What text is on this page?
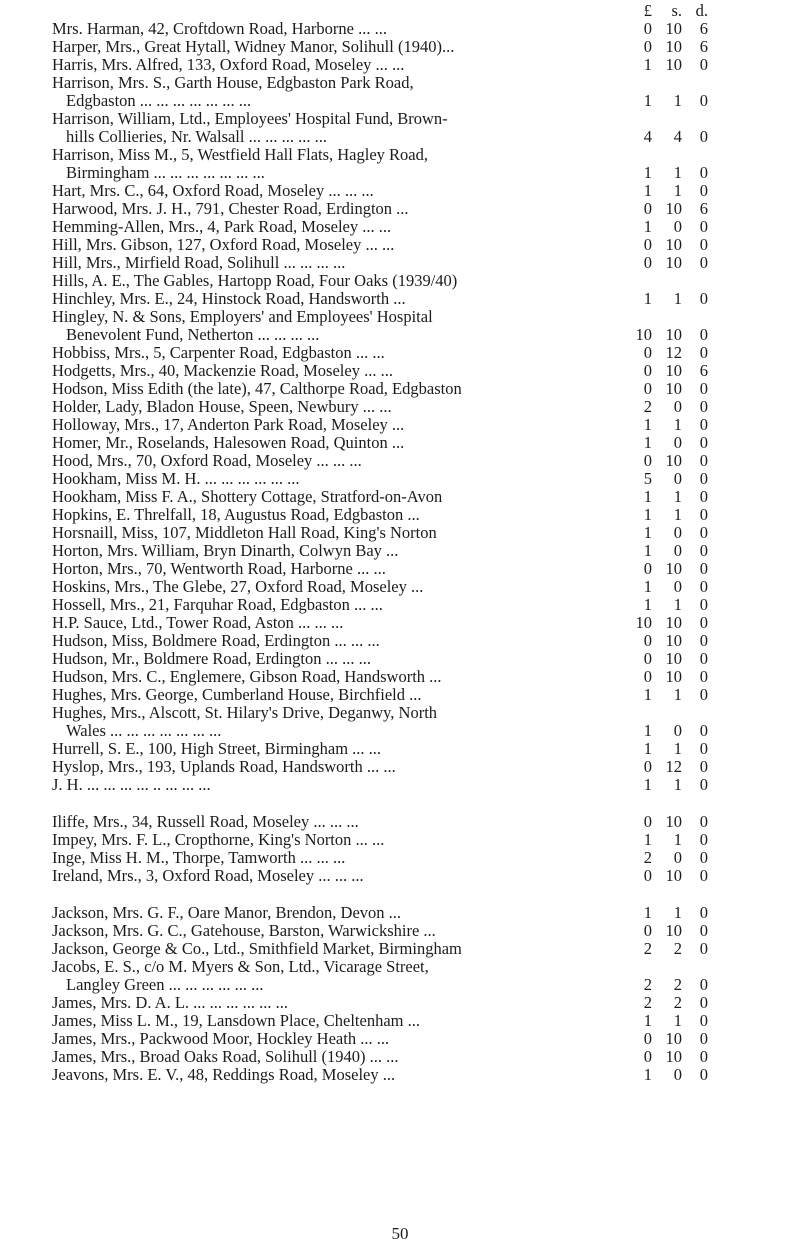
£	s. d.
Mrs. Harman, 42, Croftdown Road, Harborne ... ...	0 10	6
Harper, Mrs., Great Hytall, Widney Manor, Solihull (1940)...	0 10	6
Harris, Mrs. Alfred, 133, Oxford Road, Moseley ... ...	1 10	0
Harrison, Mrs. S., Garth House, Edgbaston Park Road,
Edgbaston ... ... ... ... ... ... ...	1	1	0
Harrison, William, Ltd., Employees' Hospital Fund, Brown-
hills Collieries, Nr. Walsall ... ... ... ... ...	4	4	0
Harrison, Miss M., 5, Westfield Hall Flats, Hagley Road,
Birmingham ... ... ... ... ... ... ...	1	1	0
Hart, Mrs. C., 64, Oxford Road, Moseley ... ... ...	1	1	0
Harwood, Mrs. J. H., 791, Chester Road, Erdington ...	0 10	6
Hemming-Allen, Mrs., 4, Park Road, Moseley ... ...	1	0	0
Hill, Mrs. Gibson, 127, Oxford Road, Moseley ... ...	0 10	0
Hill, Mrs., Mirfield Road, Solihull ... ... ... ...	0 10	0
Hills, A. E., The Gables, Hartopp Road, Four Oaks (1939/40)
Hinchley, Mrs. E., 24, Hinstock Road, Handsworth ...	1	1	0
Hingley, N. & Sons, Employers' and Employees' Hospital
Benevolent Fund, Netherton ... ... ... ...	10 10	0
Hobbiss, Mrs., 5, Carpenter Road, Edgbaston ... ...	0 12	0
Hodgetts, Mrs., 40, Mackenzie Road, Moseley ... ...	0 10	6
Hodson, Miss Edith (the late), 47, Calthorpe Road, Edgbaston	0 10	0
Holder, Lady, Bladon House, Speen, Newbury ... ...	2	0	0
Holloway, Mrs., 17, Anderton Park Road, Moseley ...	1	1	0
Homer, Mr., Roselands, Halesowen Road, Quinton ...	1	0	0
Hood, Mrs., 70, Oxford Road, Moseley ... ... ...	0 10	0
Hookham, Miss M. H. ... ... ... ... ... ...	5	0	0
Hookham, Miss F. A., Shottery Cottage, Stratford-on-Avon	1	1	0
Hopkins, E. Threlfall, 18, Augustus Road, Edgbaston ...	1	1	0
Horsnaill, Miss, 107, Middleton Hall Road, King's Norton	1	0	0
Horton, Mrs. William, Bryn Dinarth, Colwyn Bay ...	1	0	0
Horton, Mrs., 70, Wentworth Road, Harborne ... ...	0 10	0
Hoskins, Mrs., The Glebe, 27, Oxford Road, Moseley ...	1	0	0
Hossell, Mrs., 21, Farquhar Road, Edgbaston ... ...	1	1	0
H.P. Sauce, Ltd., Tower Road, Aston ... ... ...	10 10	0
Hudson, Miss, Boldmere Road, Erdington ... ... ...	0 10	0
Hudson, Mr., Boldmere Road, Erdington ... ... ...	0 10	0
Hudson, Mrs. C., Englemere, Gibson Road, Handsworth ...	0 10	0
Hughes, Mrs. George, Cumberland House, Birchfield ...	1	1	0
Hughes, Mrs., Alscott, St. Hilary's Drive, Deganwy, North
Wales ... ... ... ... ... ... ...	1	0	0
Hurrell, S. E., 100, High Street, Birmingham ... ...	1	1	0
Hyslop, Mrs., 193, Uplands Road, Handsworth ... ...	0 12	0
J. H. ... ... ... ... .. ... ... ...	1	1	0
Iliffe, Mrs., 34, Russell Road, Moseley ... ... ...	0 10	0
Impey, Mrs. F. L., Cropthorne, King's Norton ... ...	1	1	0
Inge, Miss H. M., Thorpe, Tamworth ... ... ...	2	0	0
Ireland, Mrs., 3, Oxford Road, Moseley ... ... ...	0 10	0
Jackson, Mrs. G. F., Oare Manor, Brendon, Devon ...	1	1	0
Jackson, Mrs. G. C., Gatehouse, Barston, Warwickshire ...	0 10	0
Jackson, George & Co., Ltd., Smithfield Market, Birmingham	2	2	0
Jacobs, E. S., c/o M. Myers & Son, Ltd., Vicarage Street,
Langley Green ... ... ... ... ... ...	2	2	0
James, Mrs. D. A. L. ... ... ... ... ... ...	2	2	0
James, Miss L. M., 19, Lansdown Place, Cheltenham ...	1	1	0
James, Mrs., Packwood Moor, Hockley Heath ... ...	0 10	0
James, Mrs., Broad Oaks Road, Solihull (1940) ... ...	0 10	0
Jeavons, Mrs. E. V., 48, Reddings Road, Moseley ...	1	0	0
50
